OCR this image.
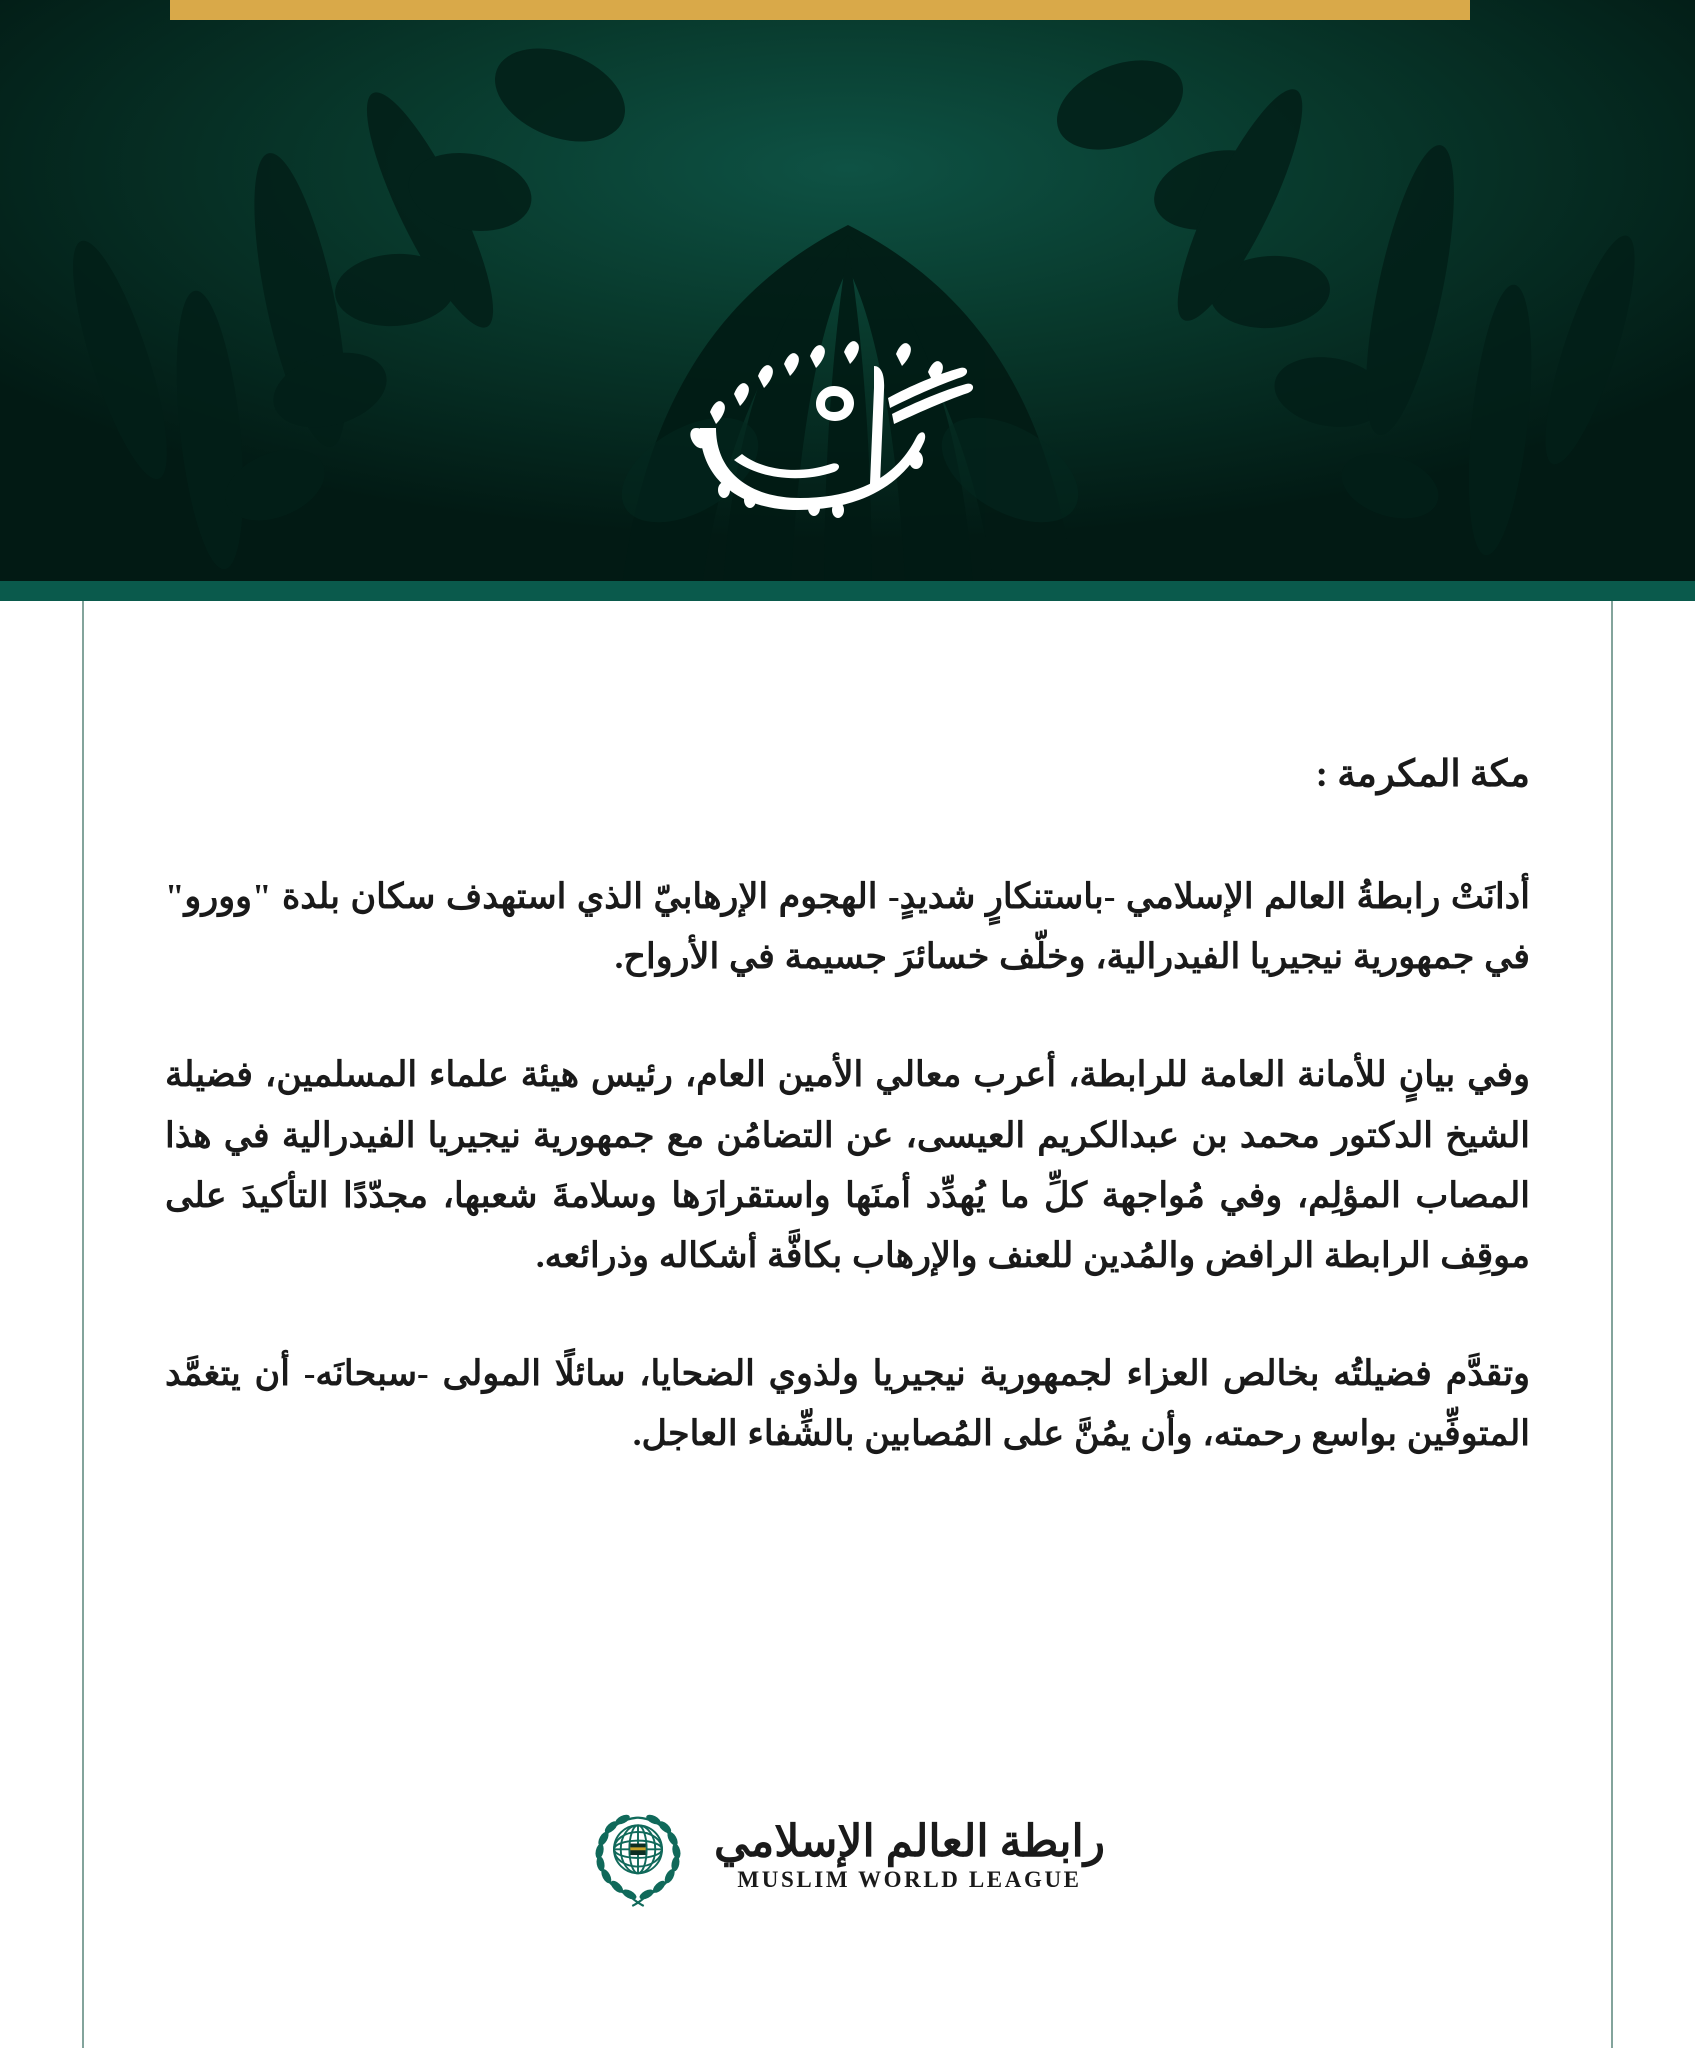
مكة المكرمة :

أدانَتْ رابطةُ العالم الإسلامي -باستنكارٍ شديدٍ- الهجوم الإرهابيّ الذي استهدف سكان بلدة "وورو" في جمهورية نيجيريا الفيدرالية، وخلّف خسائرَ جسيمة في الأرواح.

وفي بيانٍ للأمانة العامة للرابطة، أعرب معالي الأمين العام، رئيس هيئة علماء المسلمين، فضيلة الشيخ الدكتور محمد بن عبدالكريم العيسى، عن التضامُن مع جمهورية نيجيريا الفيدرالية في هذا المصاب المؤلِم، وفي مُواجهة كلِّ ما يُهدِّد أمنَها واستقرارَها وسلامةَ شعبها، مجدّدًا التأكيدَ على موقِف الرابطة الرافض والمُدين للعنف والإرهاب بكافَّة أشكاله وذرائعه.

وتقدَّم فضيلتُه بخالص العزاء لجمهورية نيجيريا ولذوي الضحايا، سائلًا المولى -سبحانَه- أن يتغمَّد المتوفِّين بواسع رحمته، وأن يمُنَّ على المُصابين بالشِّفاء العاجل.

رابطة العالم الإسلامي
MUSLIM WORLD LEAGUE
